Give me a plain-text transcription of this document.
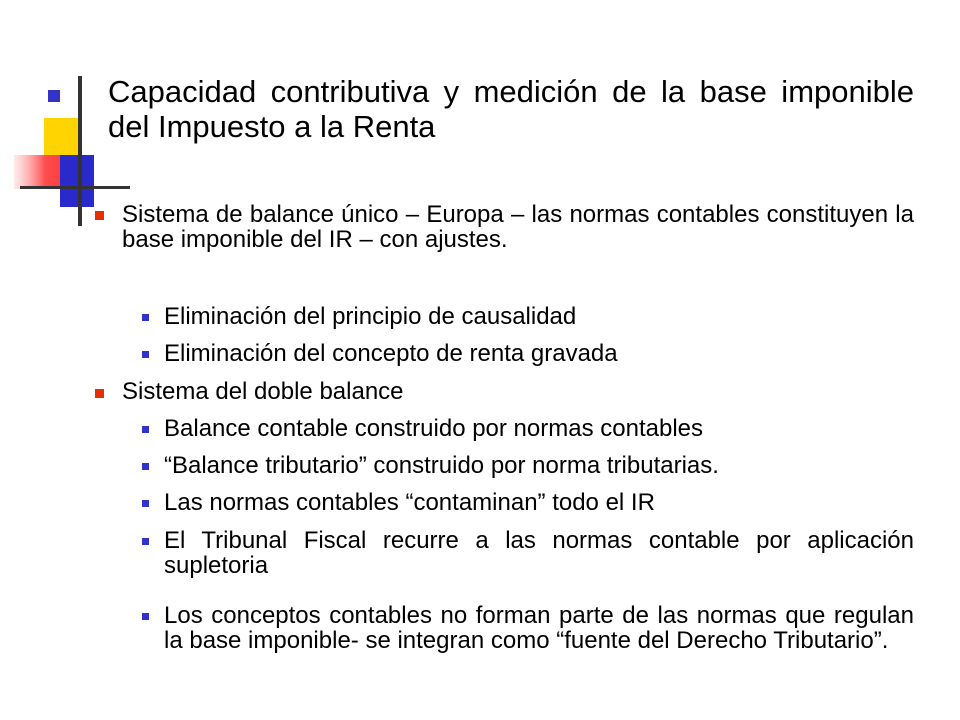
Capacidad contributiva y medición de la base imponible del Impuesto a la Renta
Sistema de balance único – Europa – las normas contables constituyen la base imponible del IR – con ajustes.
Eliminación del principio de causalidad
Eliminación del concepto de renta gravada
Sistema del doble balance
Balance contable construido por normas contables
“Balance tributario” construido por norma tributarias.
Las normas contables “contaminan” todo el IR
El Tribunal Fiscal recurre a las normas contable por aplicación supletoria
Los conceptos contables no forman parte de las normas que regulan la base imponible- se integran como “fuente del Derecho Tributario”.
